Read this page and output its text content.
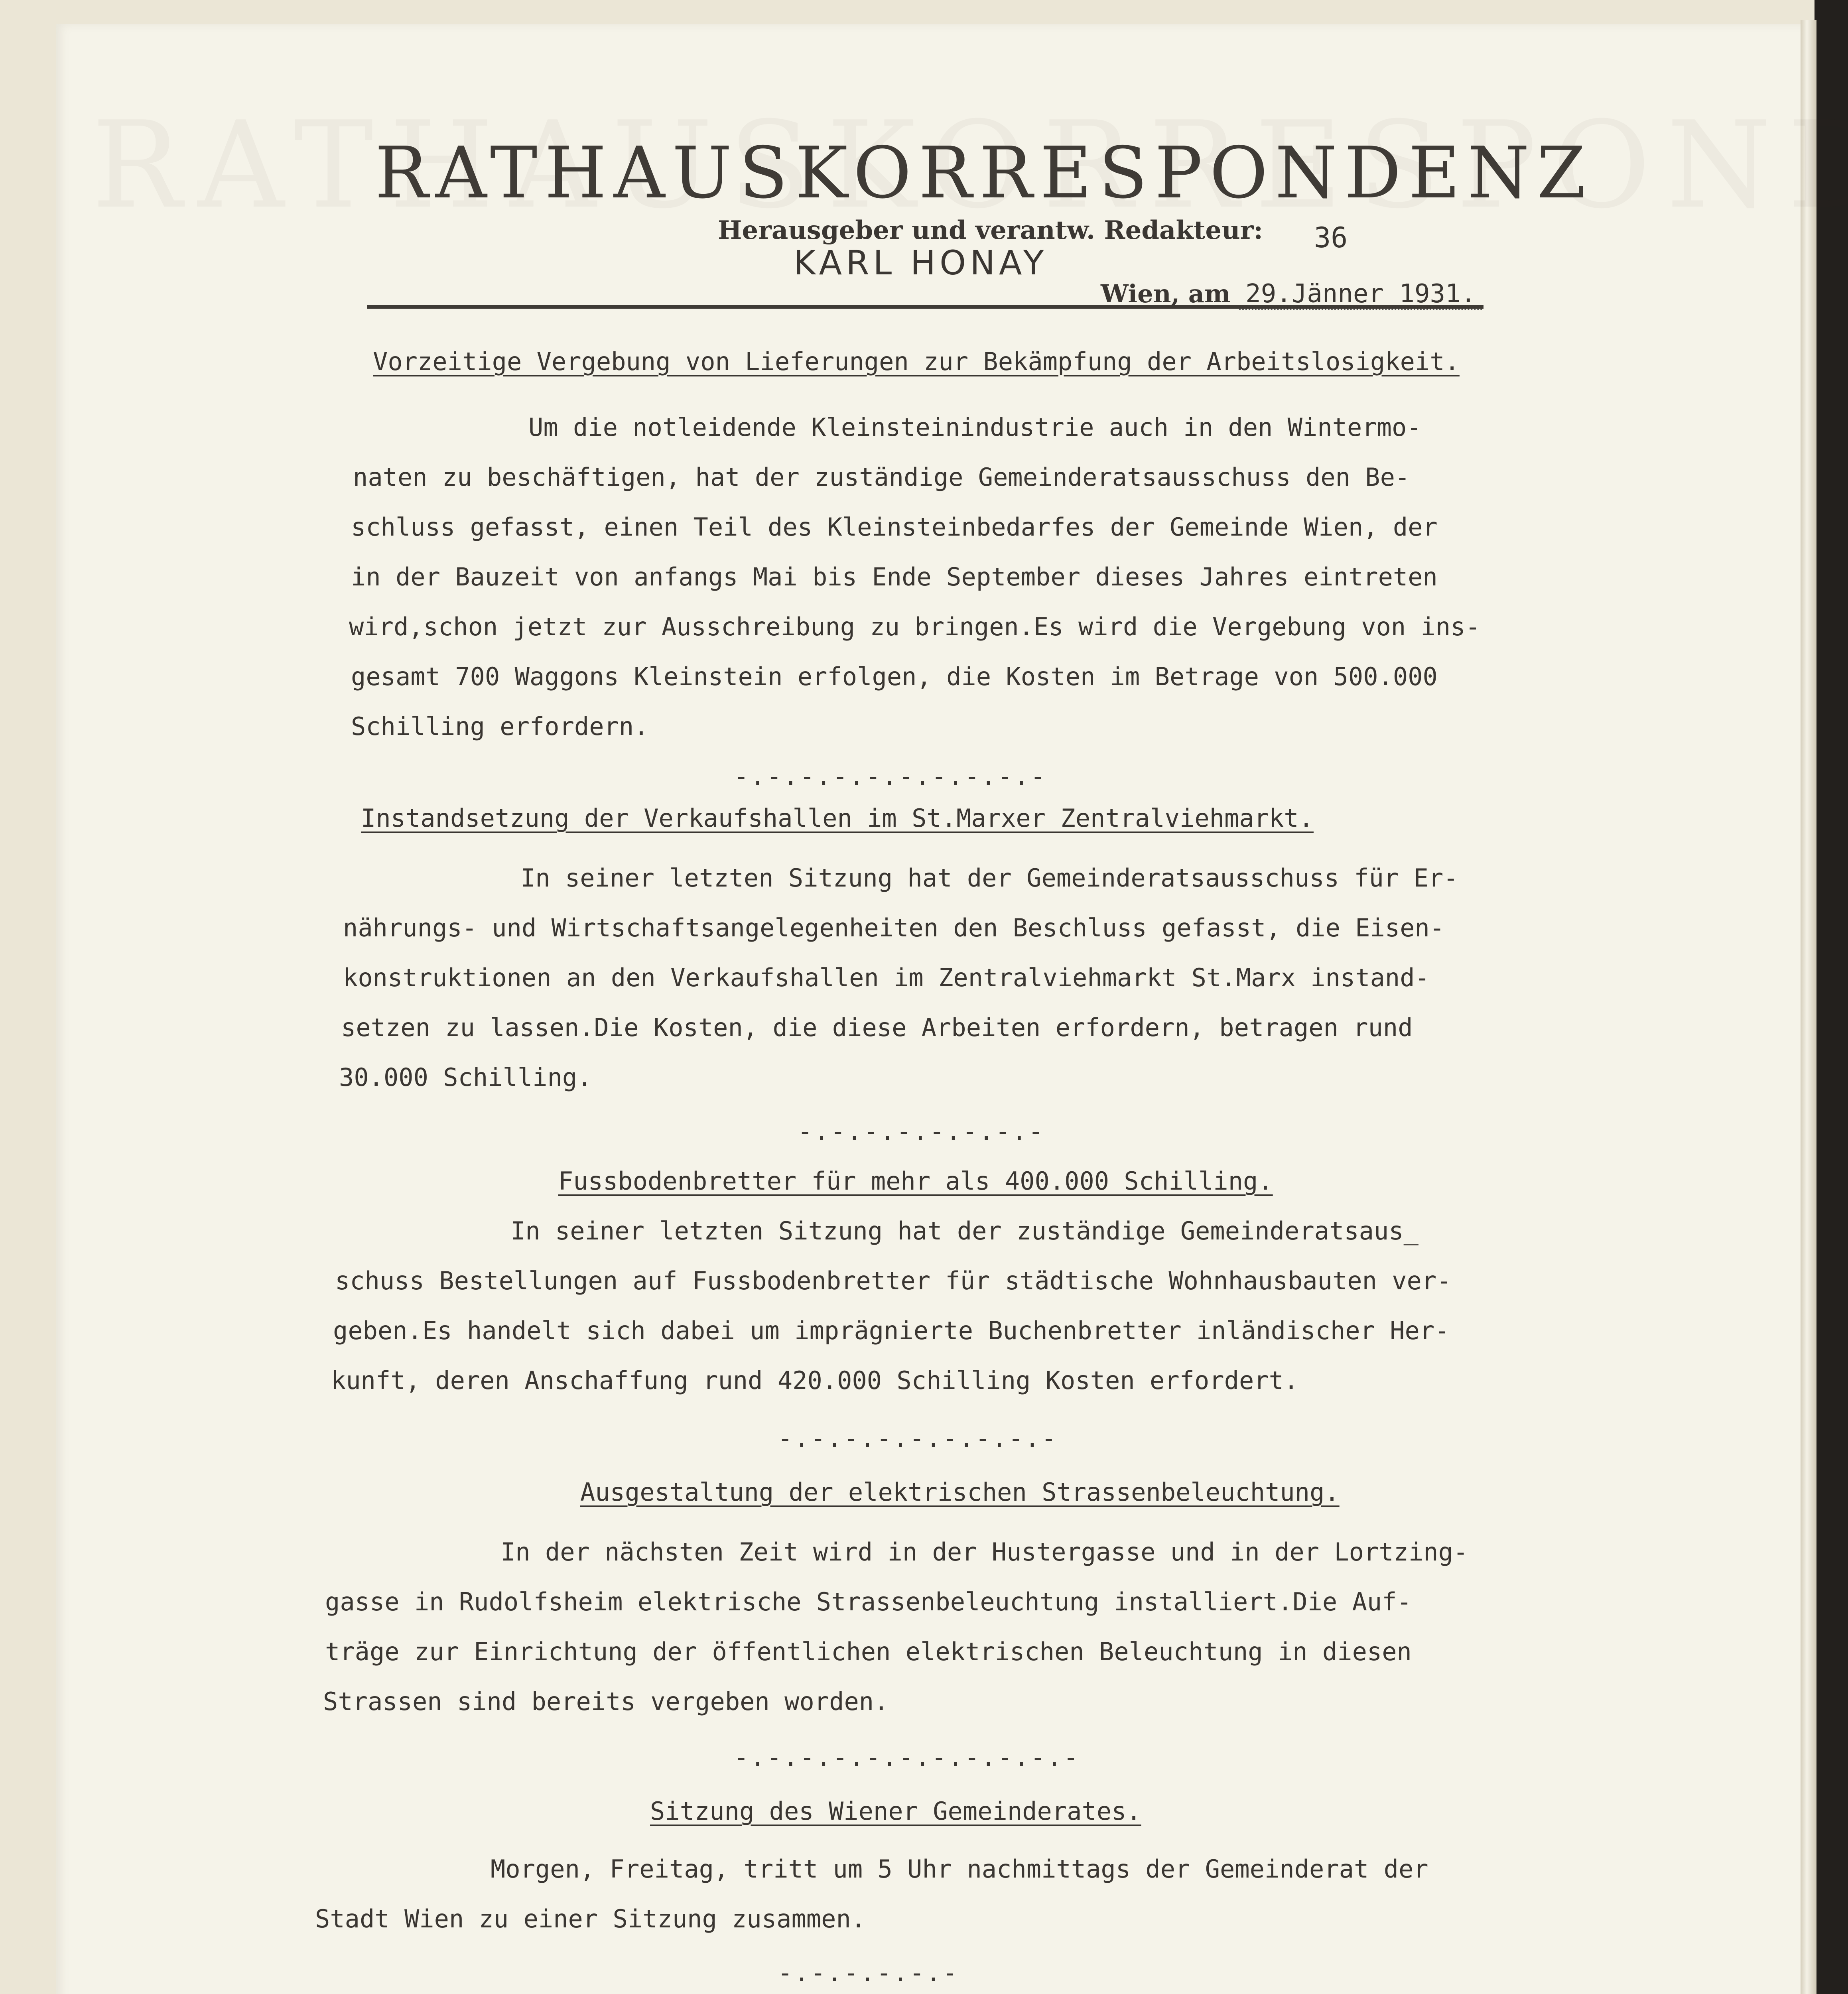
RATHAUSKORRESPONDENZ
Herausgeber und verantw. Redakteur:
KARL HONAY
36
Wien, am 29.Jänner 1931.
Vorzeitige Vergebung von Lieferungen zur Bekämpfung der Arbeitslosigkeit.
Um die notleidende Kleinsteinindustrie auch in den Wintermo-
naten zu beschäftigen, hat der zuständige Gemeinderatsausschuss den Be-
schluss gefasst, einen Teil des Kleinsteinbedarfes der Gemeinde Wien, der
in der Bauzeit von anfangs Mai bis Ende September dieses Jahres eintreten
wird,schon jetzt zur Ausschreibung zu bringen.Es wird die Vergebung von ins-
gesamt 700 Waggons Kleinstein erfolgen, die Kosten im Betrage von 500.000
Schilling erfordern.
-.-.-.-.-.-.-.-.-.-
Instandsetzung der Verkaufshallen im St.Marxer Zentralviehmarkt.
In seiner letzten Sitzung hat der Gemeinderatsausschuss für Er-
nährungs- und Wirtschaftsangelegenheiten den Beschluss gefasst, die Eisen-
konstruktionen an den Verkaufshallen im Zentralviehmarkt St.Marx instand-
setzen zu lassen.Die Kosten, die diese Arbeiten erfordern, betragen rund
30.000 Schilling.
-.-.-.-.-.-.-.-
Fussbodenbretter für mehr als 400.000 Schilling.
In seiner letzten Sitzung hat der zuständige Gemeinderatsaus_
schuss Bestellungen auf Fussbodenbretter für städtische Wohnhausbauten ver-
geben.Es handelt sich dabei um imprägnierte Buchenbretter inländischer Her-
kunft, deren Anschaffung rund 420.000 Schilling Kosten erfordert.
-.-.-.-.-.-.-.-.-
Ausgestaltung der elektrischen Strassenbeleuchtung.
In der nächsten Zeit wird in der Hustergasse und in der Lortzing-
gasse in Rudolfsheim elektrische Strassenbeleuchtung installiert.Die Auf-
träge zur Einrichtung der öffentlichen elektrischen Beleuchtung in diesen
Strassen sind bereits vergeben worden.
-.-.-.-.-.-.-.-.-.-.-
Sitzung des Wiener Gemeinderates.
Morgen, Freitag, tritt um 5 Uhr nachmittags der Gemeinderat der
Stadt Wien zu einer Sitzung zusammen.
-.-.-.-.-.-
